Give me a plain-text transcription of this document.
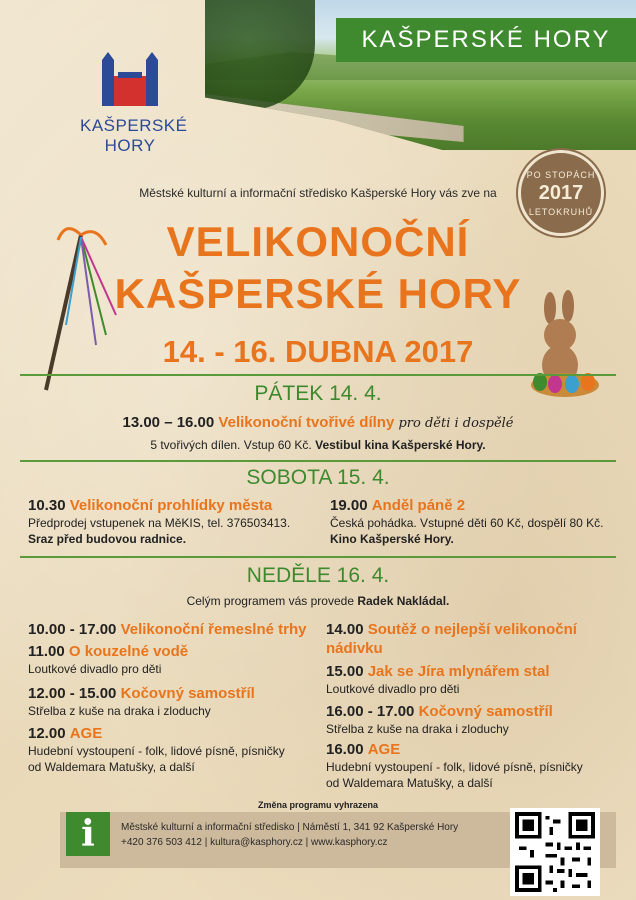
KAŠPERSKÉ HORY
KAŠPERSKÉ
HORY
PO STOPÁCH
2017
LETOKRUHŮ
Městské kulturní a informační středisko Kašperské Hory vás zve na
VELIKONOČNÍ
KAŠPERSKÉ HORY
14. - 16. DUBNA 2017
PÁTEK 14. 4.
13.00 – 16.00 Velikonoční tvořivé dílny pro děti i dospělé
5 tvořivých dílen. Vstup 60 Kč. Vestibul kina Kašperské Hory.
SOBOTA 15. 4.
10.30 Velikonoční prohlídky města
Předprodej vstupenek na MěKIS, tel. 376503413.
Sraz před budovou radnice.
19.00 Anděl páně 2
Česká pohádka. Vstupné děti 60 Kč, dospělí 80 Kč.
Kino Kašperské Hory.
NEDĚLE 16. 4.
Celým programem vás provede Radek Nakládal.
10.00 - 17.00 Velikonoční řemeslné trhy
11.00 O kouzelné vodě
Loutkové divadlo pro děti
12.00 - 15.00 Kočovný samostříl
Střelba z kuše na draka i zloduchy
12.00 AGE
Hudební vystoupení - folk, lidové písně, písničky
od Waldemara Matušky, a další
14.00 Soutěž o nejlepší velikonoční
nádivku
15.00 Jak se Jíra mlynářem stal
Loutkové divadlo pro děti
16.00 - 17.00 Kočovný samostříl
Střelba z kuše na draka i zloduchy
16.00 AGE
Hudební vystoupení - folk, lidové písně, písničky
od Waldemara Matušky, a další
Změna programu vyhrazena
i	Městské kulturní a informační středisko | Náměstí 1, 341 92 Kašperské Hory
+420 376 503 412 | kultura@kasphory.cz | www.kasphory.cz
